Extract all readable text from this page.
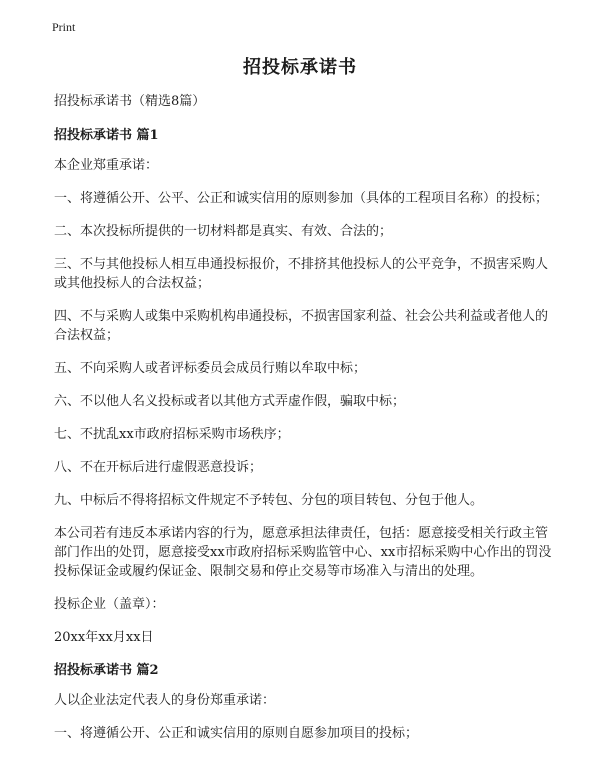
Print
招投标承诺书

招投标承诺书（精选8篇）

招投标承诺书 篇1

本企业郑重承诺：

一、将遵循公开、公平、公正和诚实信用的原则参加（具体的工程项目名称）的投标；

二、本次投标所提供的一切材料都是真实、有效、合法的；

三、不与其他投标人相互串通投标报价，不排挤其他投标人的公平竞争，不损害采购人或其他投标人的合法权益；

四、不与采购人或集中采购机构串通投标，不损害国家利益、社会公共利益或者他人的合法权益；

五、不向采购人或者评标委员会成员行贿以牟取中标；

六、不以他人名义投标或者以其他方式弄虚作假，骗取中标；

七、不扰乱xx市政府招标采购市场秩序；

八、不在开标后进行虚假恶意投诉；

九、中标后不得将招标文件规定不予转包、分包的项目转包、分包于他人。

本公司若有违反本承诺内容的行为，愿意承担法律责任，包括：愿意接受相关行政主管部门作出的处罚，愿意接受xx市政府招标采购监管中心、xx市招标采购中心作出的罚没投标保证金或履约保证金、限制交易和停止交易等市场准入与清出的处理。

投标企业（盖章）：

20xx年xx月xx日

招投标承诺书 篇2

人以企业法定代表人的身份郑重承诺：

一、将遵循公开、公正和诚实信用的原则自愿参加项目的投标；
